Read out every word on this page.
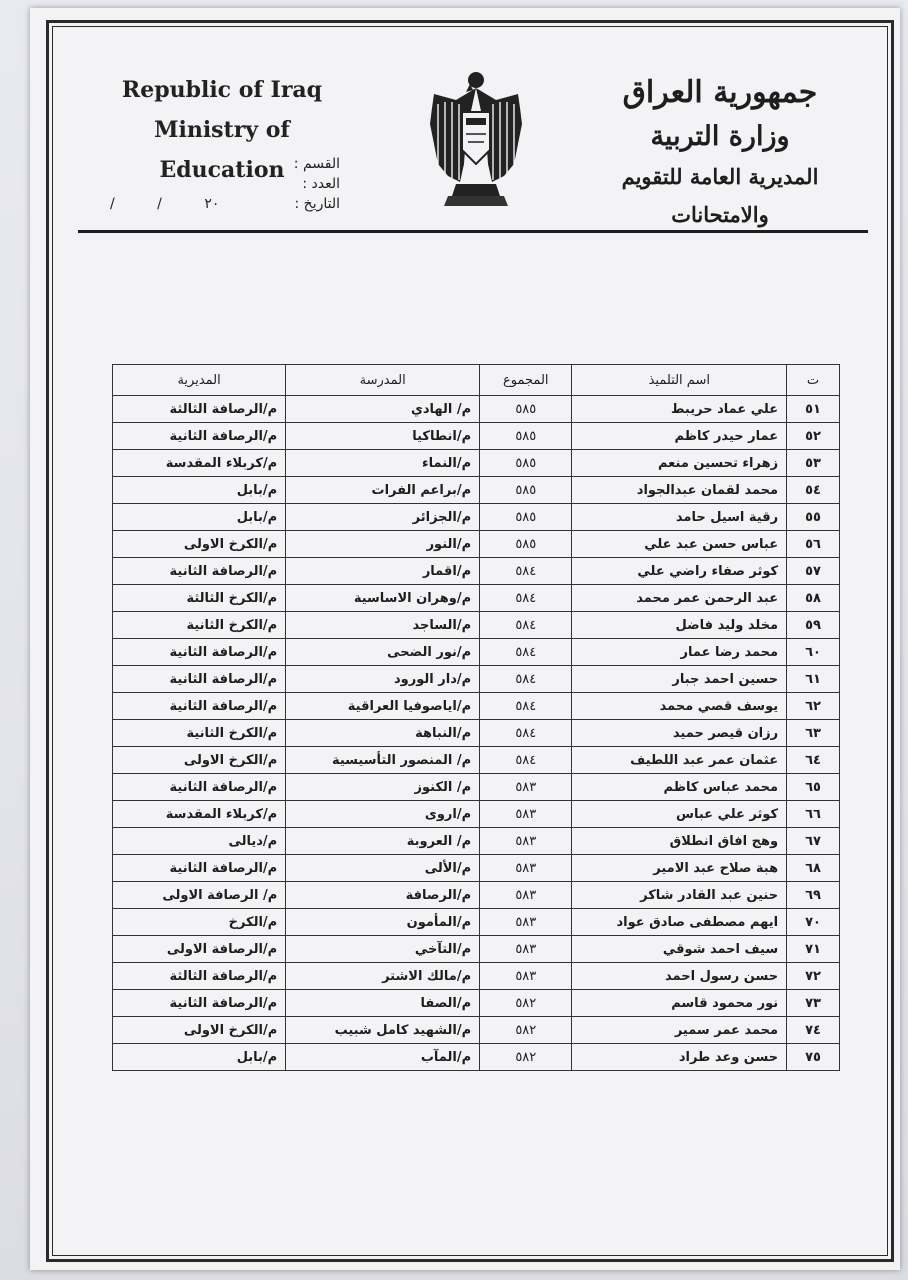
Republic of Iraq
Ministry of Education القسم :
العدد :
التاريخ :
/ / ٢٠
جمهورية العراق
وزارة التربية
المديرية العامة للتقويم والامتحانات
ت	اسم التلميذ	المجموع	المدرسة	المديرية
٥١	علي عماد حريبط	٥٨٥	م/ الهادي	م/الرصافة الثالثة
٥٢	عمار حيدر كاظم	٥٨٥	م/انطاكيا	م/الرصافة الثانية
٥٣	زهراء تحسين منعم	٥٨٥	م/النماء	م/كربلاء المقدسة
٥٤	محمد لقمان عبدالجواد	٥٨٥	م/براعم الفرات	م/بابل
٥٥	رقية اسيل حامد	٥٨٥	م/الجزائر	م/بابل
٥٦	عباس حسن عبد علي	٥٨٥	م/النور	م/الكرخ الاولى
٥٧	كوثر صفاء راضي علي	٥٨٤	م/اقمار	م/الرصافة الثانية
٥٨	عبد الرحمن عمر محمد	٥٨٤	م/وهران الاساسية	م/الكرخ الثالثة
٥٩	مخلد وليد فاضل	٥٨٤	م/الساجد	م/الكرخ الثانية
٦٠	محمد رضا عمار	٥٨٤	م/نور الضحى	م/الرصافة الثانية
٦١	حسين احمد جبار	٥٨٤	م/دار الورود	م/الرصافة الثانية
٦٢	يوسف قصي محمد	٥٨٤	م/اياصوفيا العراقية	م/الرصافة الثانية
٦٣	رزان قيصر حميد	٥٨٤	م/النباهة	م/الكرخ الثانية
٦٤	عثمان عمر عبد اللطيف	٥٨٤	م/ المنصور التأسيسية	م/الكرخ الاولى
٦٥	محمد عباس كاظم	٥٨٣	م/ الكنوز	م/الرصافة الثانية
٦٦	كوثر علي عباس	٥٨٣	م/اروى	م/كربلاء المقدسة
٦٧	وهج افاق انطلاق	٥٨٣	م/ العروبة	م/ديالى
٦٨	هبة صلاح عبد الامير	٥٨٣	م/الألى	م/الرصافة الثانية
٦٩	حنين عبد القادر شاكر	٥٨٣	م/الرصافة	م/ الرصافة الاولى
٧٠	ايهم مصطفى صادق عواد	٥٨٣	م/المأمون	م/الكرخ
٧١	سيف احمد شوقي	٥٨٣	م/التآخي	م/الرصافة الاولى
٧٢	حسن رسول احمد	٥٨٣	م/مالك الاشتر	م/الرصافة الثالثة
٧٣	نور محمود قاسم	٥٨٢	م/الصفا	م/الرصافة الثانية
٧٤	محمد عمر سمير	٥٨٢	م/الشهيد كامل شبيب	م/الكرخ الاولى
٧٥	حسن وعد طراد	٥٨٢	م/المآب	م/بابل
